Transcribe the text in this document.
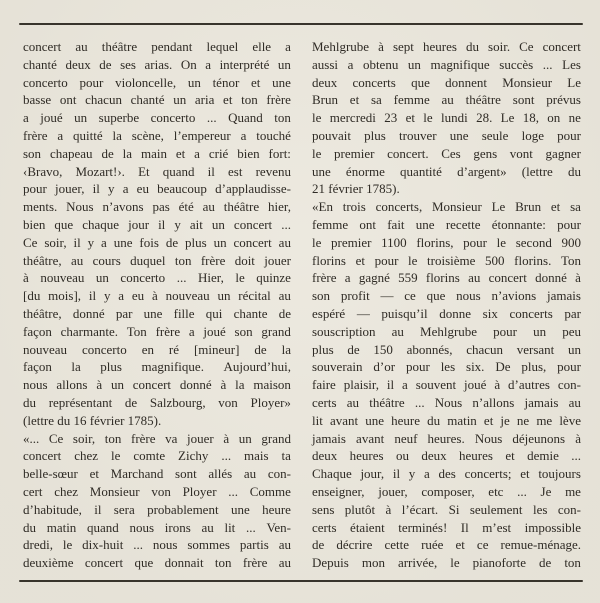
concert au théâtre pendant lequel elle a
chanté deux de ses arias. On a interprété un
concerto pour violoncelle, un ténor et une
basse ont chacun chanté un aria et ton frère
a joué un superbe concerto ... Quand ton
frère a quitté la scène, l’empereur a touché
son chapeau de la main et a crié bien fort:
‹Bravo, Mozart!›. Et quand il est revenu
pour jouer, il y a eu beaucoup d’applaudisse-
ments. Nous n’avons pas été au théâtre hier,
bien que chaque jour il y ait un concert ...
Ce soir, il y a une fois de plus un concert au
théâtre, au cours duquel ton frère doit jouer
à nouveau un concerto ... Hier, le quinze
[du mois], il y a eu à nouveau un récital au
théâtre, donné par une fille qui chante de
façon charmante. Ton frère a joué son grand
nouveau concerto en ré [mineur] de la
façon la plus magnifique. Aujourd’hui,
nous allons à un concert donné à la maison
du représentant de Salzbourg, von Ployer»
(lettre du 16 février 1785).
«... Ce soir, ton frère va jouer à un grand
concert chez le comte Zichy ... mais ta
belle-sœur et Marchand sont allés au con-
cert chez Monsieur von Ployer ... Comme
d’habitude, il sera probablement une heure
du matin quand nous irons au lit ... Ven-
dredi, le dix-huit ... nous sommes partis au
deuxième concert que donnait ton frère au
Mehlgrube à sept heures du soir. Ce concert
aussi a obtenu un magnifique succès ... Les
deux concerts que donnent Monsieur Le
Brun et sa femme au théâtre sont prévus
le mercredi 23 et le lundi 28. Le 18, on ne
pouvait plus trouver une seule loge pour
le premier concert. Ces gens vont gagner
une énorme quantité d’argent» (lettre du
21 février 1785).
«En trois concerts, Monsieur Le Brun et sa
femme ont fait une recette étonnante: pour
le premier 1100 florins, pour le second 900
florins et pour le troisième 500 florins. Ton
frère a gagné 559 florins au concert donné à
son profit — ce que nous n’avions jamais
espéré — puisqu’il donne six concerts par
souscription au Mehlgrube pour un peu
plus de 150 abonnés, chacun versant un
souverain d’or pour les six. De plus, pour
faire plaisir, il a souvent joué à d’autres con-
certs au théâtre ... Nous n’allons jamais au
lit avant une heure du matin et je ne me lève
jamais avant neuf heures. Nous déjeunons à
deux heures ou deux heures et demie ...
Chaque jour, il y a des concerts; et toujours
enseigner, jouer, composer, etc ... Je me
sens plutôt à l’écart. Si seulement les con-
certs étaient terminés! Il m’est impossible
de décrire cette ruée et ce remue-ménage.
Depuis mon arrivée, le pianoforte de ton
